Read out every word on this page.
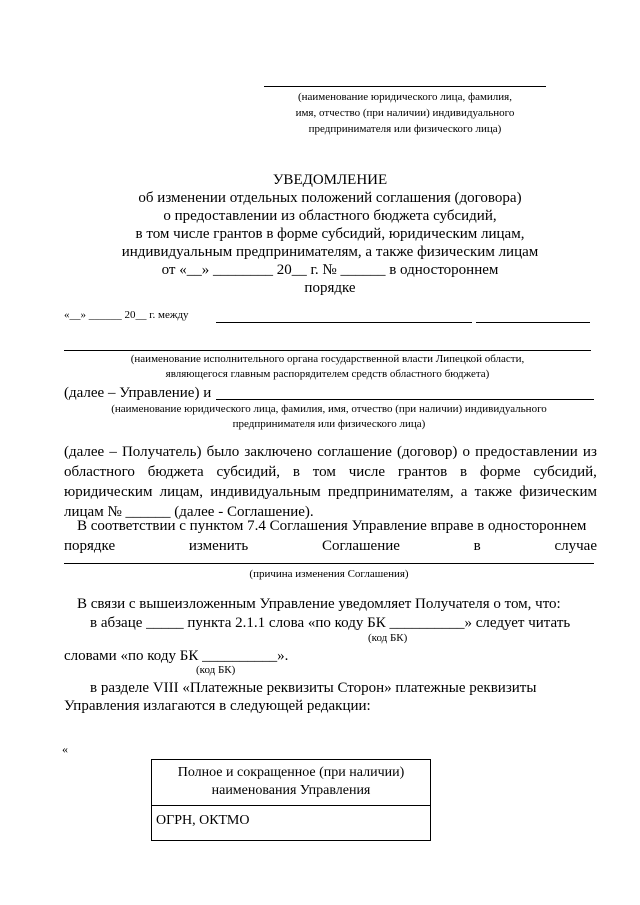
(наименование юридического лица, фамилия,
имя, отчество (при наличии) индивидуального
предпринимателя или физического лица)
УВЕДОМЛЕНИЕ
об изменении отдельных положений соглашения (договора)
о предоставлении из областного бюджета субсидий,
в том числе грантов в форме субсидий, юридическим лицам,
индивидуальным предпринимателям, а также физическим лицам
от «__» ________ 20__ г. № ______ в одностороннем
порядке
«__» ______ 20__ г. между
(наименование исполнительного органа государственной власти Липецкой области,
являющегося главным распорядителем средств областного бюджета)
(далее – Управление) и
(наименование юридического лица, фамилия, имя, отчество (при наличии) индивидуального
предпринимателя или физического лица)
(далее – Получатель) было заключено соглашение (договор) о предоставлении из
областного бюджета субсидий, в том числе грантов в форме субсидий,
юридическим лицам, индивидуальным предпринимателям, а также физическим
лицам № ______ (далее - Соглашение).
В соответствии с пунктом 7.4 Соглашения Управление вправе в одностороннем
порядке	изменить	Соглашение	в	случае
(причина изменения Соглашения)
В связи с вышеизложенным Управление уведомляет Получателя о том, что:
в абзаце _____ пункта 2.1.1 слова «по коду БК __________» следует читать
(код БК)
словами «по коду БК __________».
(код БК)
в разделе VIII «Платежные реквизиты Сторон» платежные реквизиты
Управления излагаются в следующей редакции:
«
Полное и сокращенное (при наличии)
наименования Управления

ОГРН, ОКТМО
